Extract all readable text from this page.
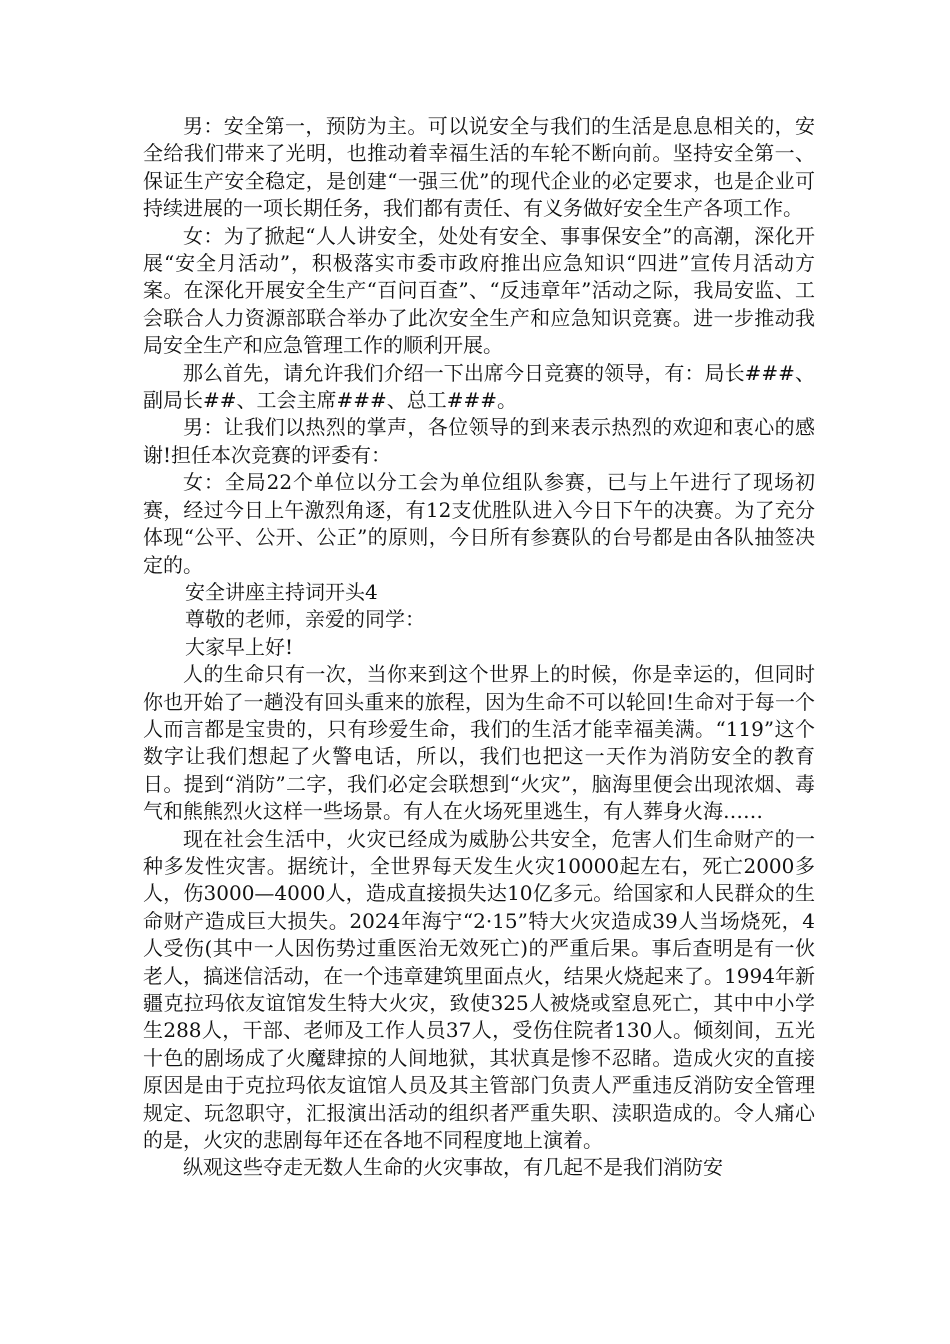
男：安全第一，预防为主。可以说安全与我们的生活是息息相关的，安全给我们带来了光明，也推动着幸福生活的车轮不断向前。坚持安全第一、保证生产安全稳定，是创建“一强三优”的现代企业的必定要求，也是企业可持续进展的一项长期任务，我们都有责任、有义务做好安全生产各项工作。

女：为了掀起“人人讲安全，处处有安全、事事保安全”的高潮，深化开展“安全月活动”，积极落实市委市政府推出应急知识“四进”宣传月活动方案。在深化开展安全生产“百问百查”、“反违章年”活动之际，我局安监、工会联合人力资源部联合举办了此次安全生产和应急知识竞赛。进一步推动我局安全生产和应急管理工作的顺利开展。

那么首先，请允许我们介绍一下出席今日竞赛的领导，有：局长###、副局长##、工会主席###、总工###。

男：让我们以热烈的掌声，各位领导的到来表示热烈的欢迎和衷心的感谢!担任本次竞赛的评委有：

女：全局22个单位以分工会为单位组队参赛，已与上午进行了现场初赛，经过今日上午激烈角逐，有12支优胜队进入今日下午的决赛。为了充分体现“公平、公开、公正”的原则，今日所有参赛队的台号都是由各队抽签决定的。

安全讲座主持词开头4

尊敬的老师，亲爱的同学：

大家早上好!

人的生命只有一次，当你来到这个世界上的时候，你是幸运的，但同时你也开始了一趟没有回头重来的旅程，因为生命不可以轮回!生命对于每一个人而言都是宝贵的，只有珍爱生命，我们的生活才能幸福美满。“119”这个数字让我们想起了火警电话，所以，我们也把这一天作为消防安全的教育日。提到“消防”二字，我们必定会联想到“火灾”，脑海里便会出现浓烟、毒气和熊熊烈火这样一些场景。有人在火场死里逃生，有人葬身火海……

现在社会生活中，火灾已经成为威胁公共安全，危害人们生命财产的一种多发性灾害。据统计，全世界每天发生火灾10000起左右，死亡2000多人，伤3000—4000人，造成直接损失达10亿多元。给国家和人民群众的生命财产造成巨大损失。2024年海宁“2·15”特大火灾造成39人当场烧死，4人受伤(其中一人因伤势过重医治无效死亡)的严重后果。事后查明是有一伙老人，搞迷信活动，在一个违章建筑里面点火，结果火烧起来了。1994年新疆克拉玛依友谊馆发生特大火灾，致使325人被烧或窒息死亡，其中中小学生288人，干部、老师及工作人员37人，受伤住院者130人。倾刻间，五光十色的剧场成了火魔肆掠的人间地狱，其状真是惨不忍睹。造成火灾的直接原因是由于克拉玛依友谊馆人员及其主管部门负责人严重违反消防安全管理规定、玩忽职守，汇报演出活动的组织者严重失职、渎职造成的。令人痛心的是，火灾的悲剧每年还在各地不同程度地上演着。

纵观这些夺走无数人生命的火灾事故，有几起不是我们消防安
